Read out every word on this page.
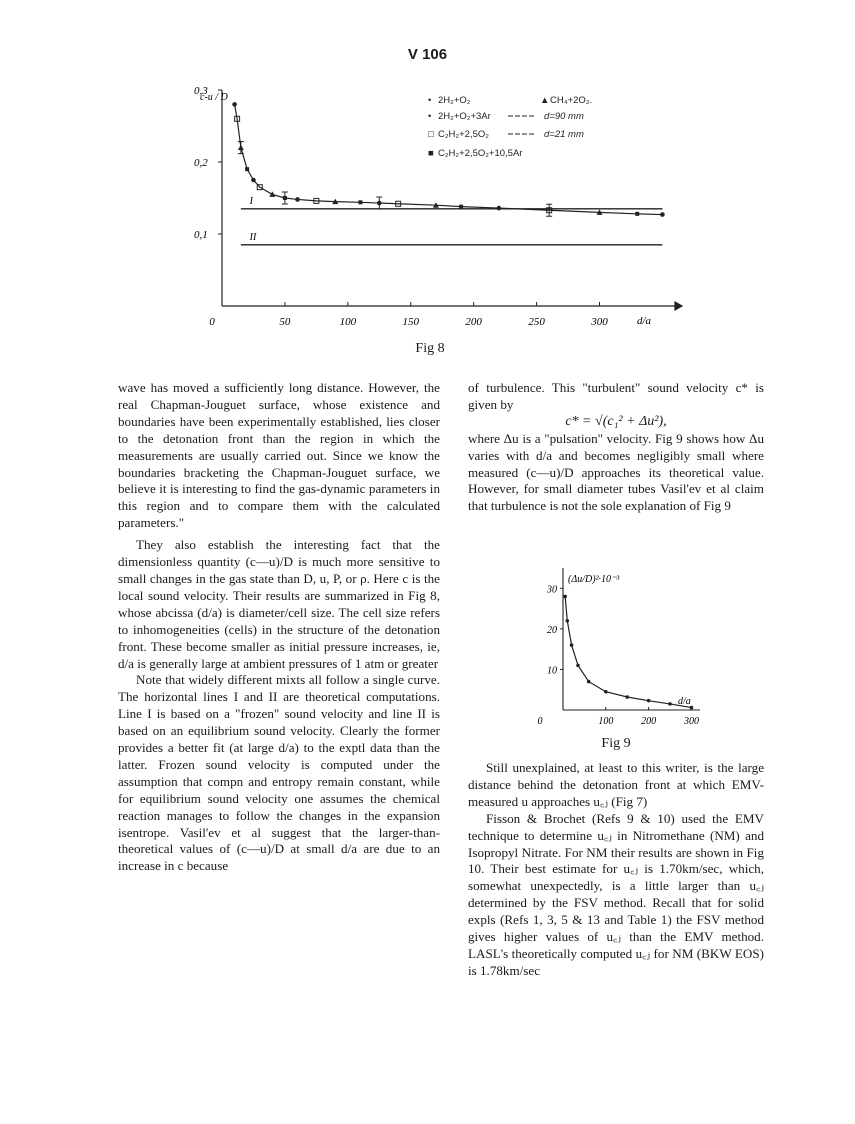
V 106
0	50	100	150	200	250	300
0,1
0,2
0,3
I
II
c-u / D
d/a
• 2H₂+O₂	▲ CH₄+2O₂.
• 2H₂+O₂+3Ar	d=90 mm
□ C₂H₂+2,5O₂	d=21 mm
■ C₂H₂+2,5O₂+10,5Ar
Fig 8

wave has moved a sufficiently long distance. However, the real Chapman-Jouguet surface, whose existence and boundaries have been experimentally established, lies closer to the detonation front than the region in which the measurements are usually carried out. Since we know the boundaries bracketing the Chapman-Jouguet surface, we believe it is interesting to find the gas-dynamic parameters in this region and to compare them with the calculated parameters."

They also establish the interesting fact that the dimensionless quantity (c—u)/D is much more sensitive to small changes in the gas state than D, u, P, or ρ. Here c is the local sound velocity. Their results are summarized in Fig 8, whose abcissa (d/a) is diameter/cell size. The cell size refers to inhomogeneities (cells) in the structure of the detonation front. These become smaller as initial pressure increases, ie, d/a is generally large at ambient pressures of 1 atm or greater

Note that widely different mixts all follow a single curve. The horizontal lines I and II are theoretical computations. Line I is based on a "frozen" sound velocity and line II is based on an equilibrium sound velocity. Clearly the former provides a better fit (at large d/a) to the exptl data than the latter. Frozen sound velocity is computed under the assumption that compn and entropy remain constant, while for equilibrium sound velocity one assumes the chemical reaction manages to follow the changes in the expansion isentrope. Vasil'ev et al suggest that the larger-than-theoretical values of (c—u)/D at small d/a are due to an increase in c because

of turbulence. This "turbulent" sound velocity c* is given by

c* = √(c₁² + Δu²),

where Δu is a "pulsation" velocity. Fig 9 shows how Δu varies with d/a and becomes negligibly small where measured (c—u)/D approaches its theoretical value. However, for small diameter tubes Vasil'ev et al claim that turbulence is not the sole explanation of Fig 9

0	100	200	300
10
20
30
(Δu/D)²·10⁻³
d/a
Fig 9

Still unexplained, at least to this writer, is the large distance behind the detonation front at which EMV-measured u approaches u꜀ⱼ (Fig 7)

Fisson & Brochet (Refs 9 & 10) used the EMV technique to determine u꜀ⱼ in Nitromethane (NM) and Isopropyl Nitrate. For NM their results are shown in Fig 10. Their best estimate for u꜀ⱼ is 1.70km/sec, which, somewhat unexpectedly, is a little larger than u꜀ⱼ determined by the FSV method. Recall that for solid expls (Refs 1, 3, 5 & 13 and Table 1) the FSV method gives higher values of u꜀ⱼ than the EMV method. LASL's theoretically computed u꜀ⱼ for NM (BKW EOS) is 1.78km/sec
